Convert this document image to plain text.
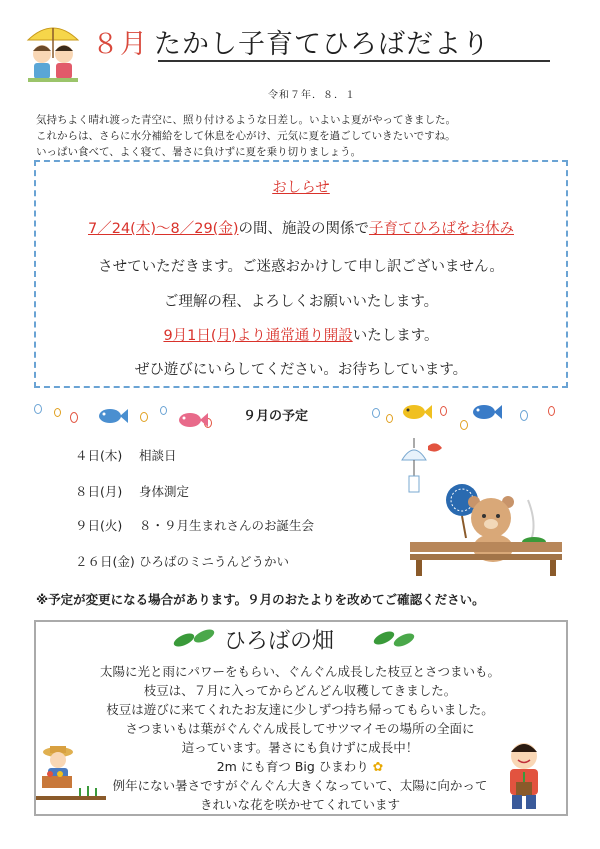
８月 たかし子育てひろばだより
令和７年．８．１
気持ちよく晴れ渡った青空に、照り付けるような日差し。いよいよ夏がやってきました。
これからは、さらに水分補給をして休息を心がけ、元気に夏を過ごしていきたいですね。
いっぱい食べて、よく寝て、暑さに負けずに夏を乗り切りましょう。
おしらせ
7／24(木)～8／29(金)の間、施設の関係で子育てひろばをお休み
させていただきます。ご迷惑おかけして申し訳ございません。
ご理解の程、よろしくお願いいたします。
9月1日(月)より通常通り開設いたします。
ぜひ遊びにいらしてください。お待ちしています。
９月の予定
４日(木) 相談日
８日(月) 身体測定
９日(火) ８・９月生まれさんのお誕生会
２６日(金) ひろばのミニうんどうかい
※予定が変更になる場合があります。９月のおたよりを改めてご確認ください。
ひろばの畑
太陽に光と雨にパワーをもらい、ぐんぐん成長した枝豆とさつまいも。
枝豆は、７月に入ってからどんどん収穫してきました。
枝豆は遊びに来てくれたお友達に少しずつ持ち帰ってもらいました。
さつまいもは葉がぐんぐん成長してサツマイモの場所の全面に
這っています。暑さにも負けずに成長中！
2m にも育つ Big ひまわり ✿
例年にない暑さですがぐんぐん大きくなっていて、太陽に向かって
きれいな花を咲かせてくれています
